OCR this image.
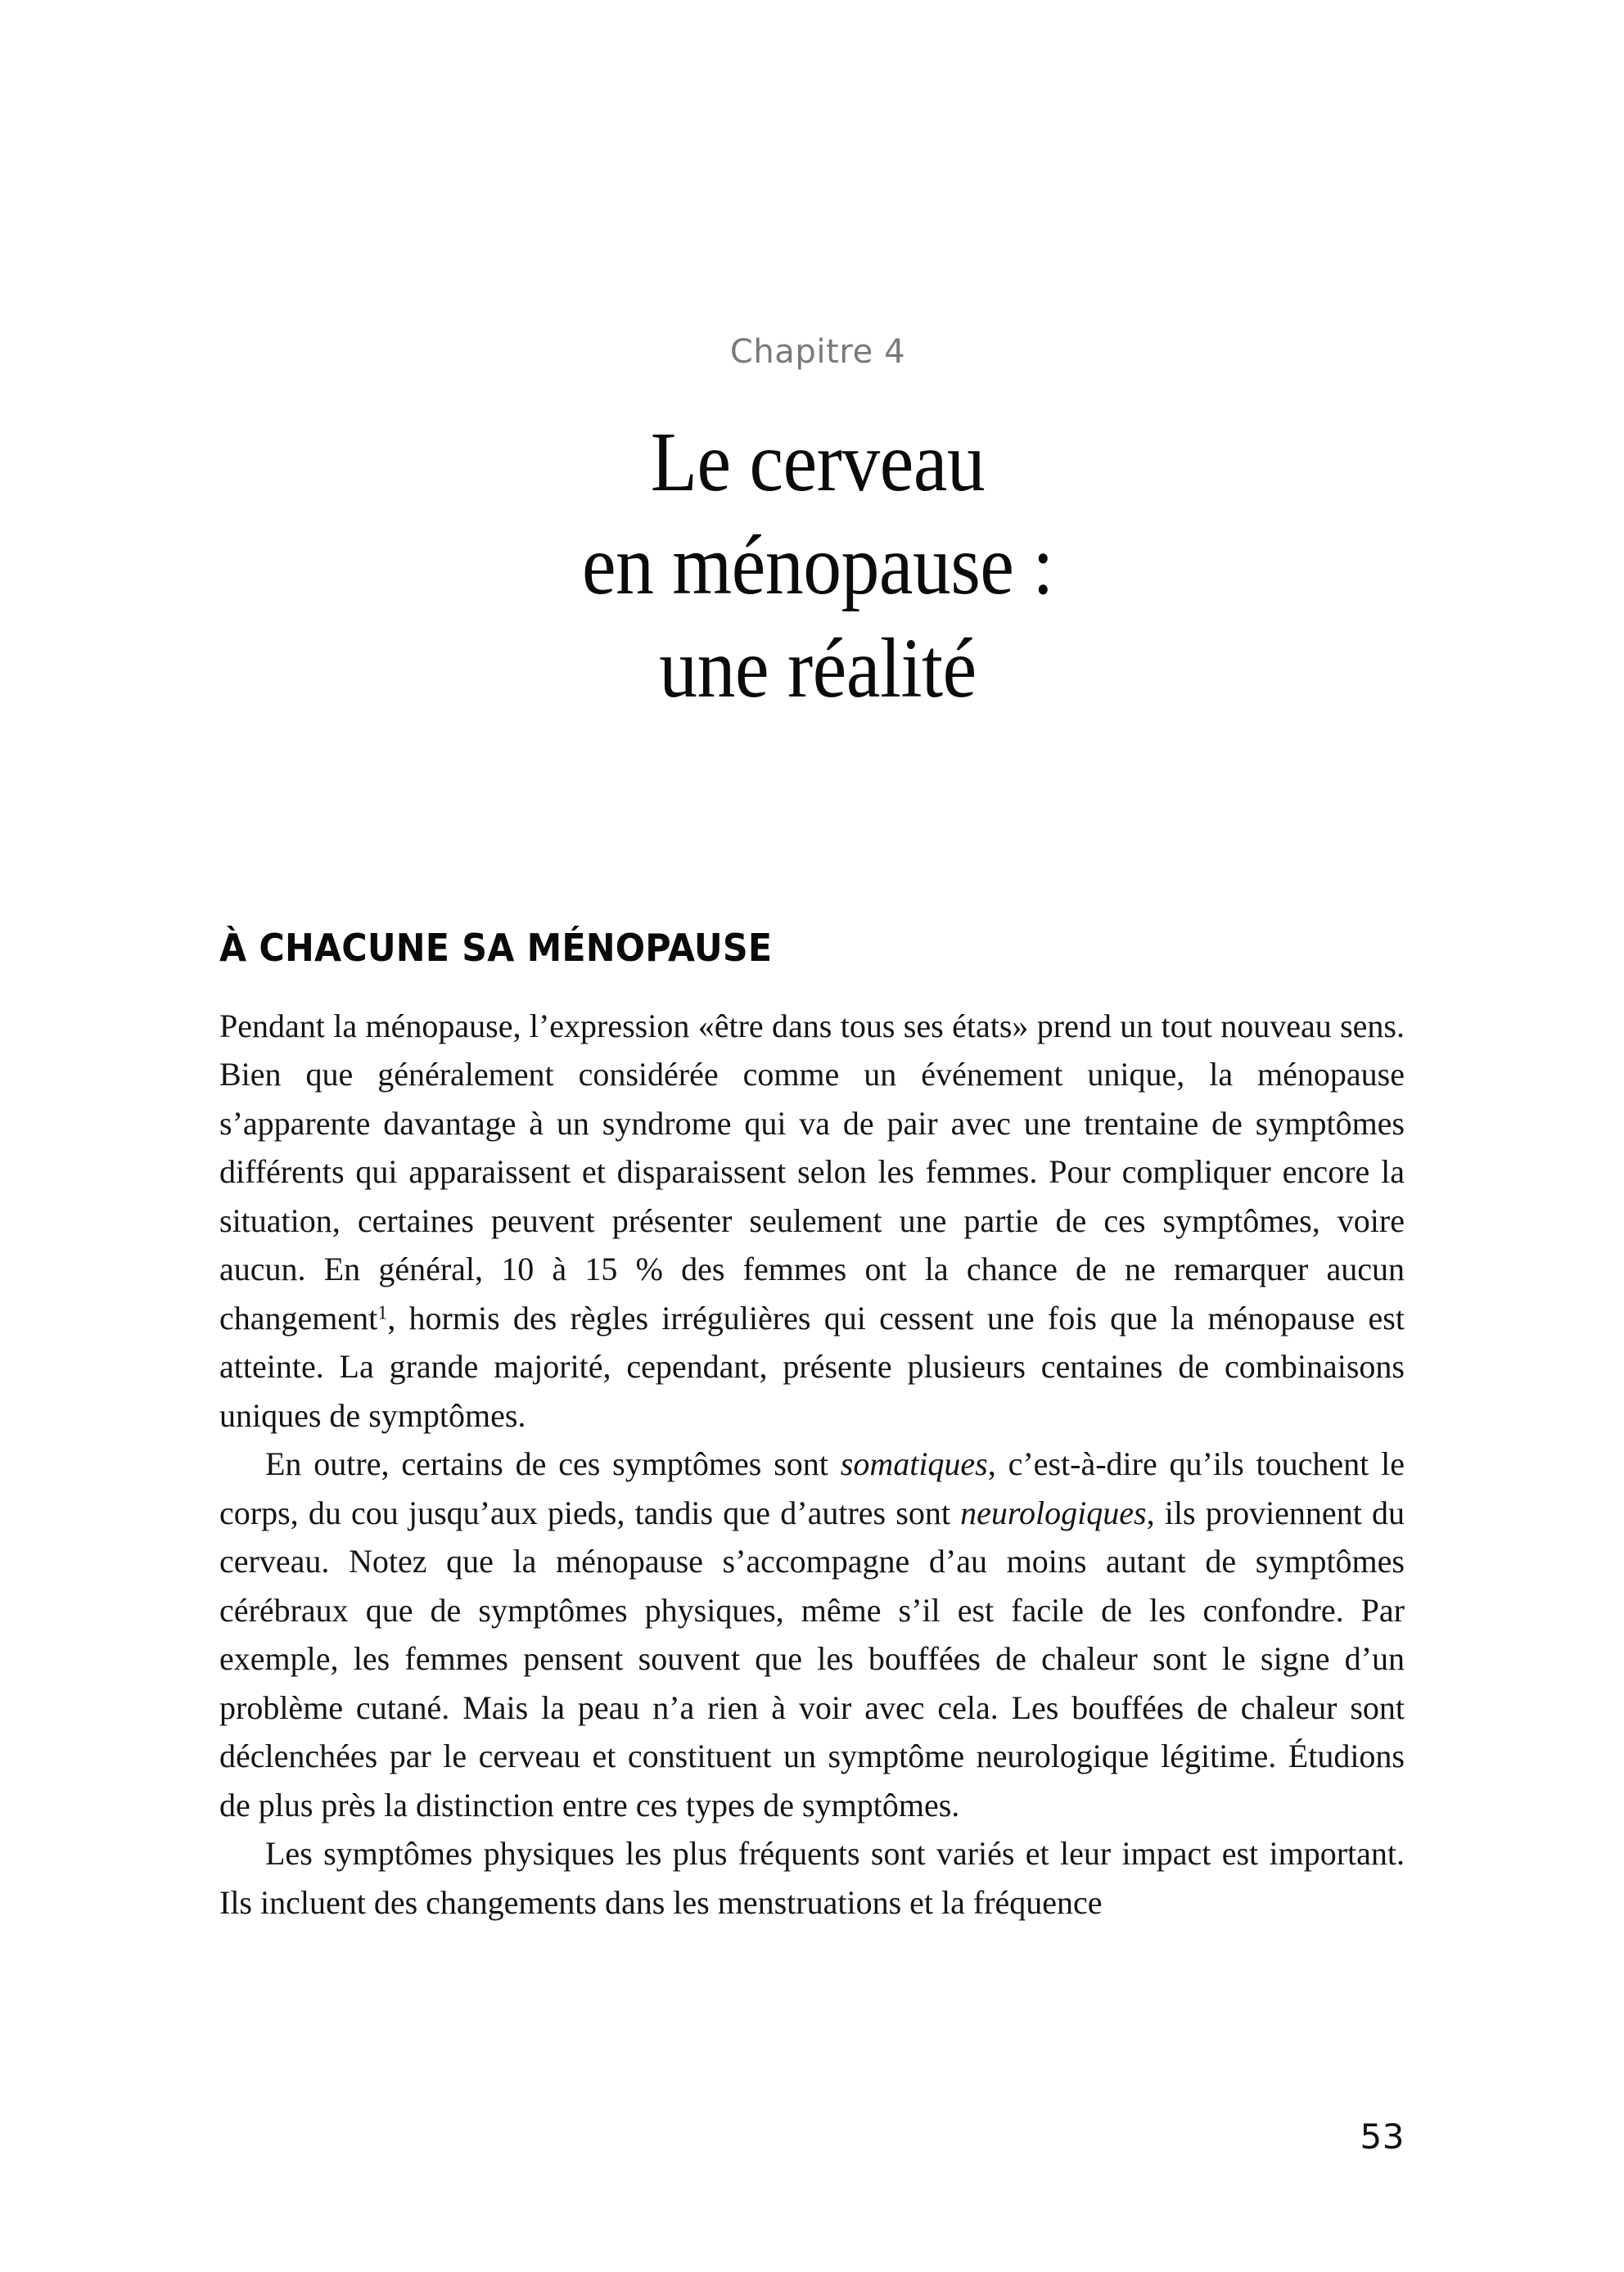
Chapitre 4
Le cerveau
en ménopause :
une réalité
À CHACUNE SA MÉNOPAUSE

Pendant la ménopause, l’expression «être dans tous ses états» prend un tout nouveau sens. Bien que généralement considérée comme un événement unique, la ménopause s’apparente davantage à un syndrome qui va de pair avec une trentaine de symptômes différents qui apparaissent et disparaissent selon les femmes. Pour compliquer encore la situation, certaines peuvent présenter seulement une partie de ces symptômes, voire aucun. En général, 10 à 15 % des femmes ont la chance de ne remarquer aucun changement$^1$, hormis des règles irrégulières qui cessent une fois que la ménopause est atteinte. La grande majorité, cependant, présente plusieurs centaines de combinaisons uniques de symptômes.

En outre, certains de ces symptômes sont somatiques, c’est-à-dire qu’ils touchent le corps, du cou jusqu’aux pieds, tandis que d’autres sont neurologiques, ils proviennent du cerveau. Notez que la ménopause s’accompagne d’au moins autant de symptômes cérébraux que de symptômes physiques, même s’il est facile de les confondre. Par exemple, les femmes pensent souvent que les bouffées de chaleur sont le signe d’un problème cutané. Mais la peau n’a rien à voir avec cela. Les bouffées de chaleur sont déclenchées par le cerveau et constituent un symptôme neurologique légitime. Étudions de plus près la distinction entre ces types de symptômes.

Les symptômes physiques les plus fréquents sont variés et leur impact est important. Ils incluent des changements dans les menstruations et la fréquence

53
